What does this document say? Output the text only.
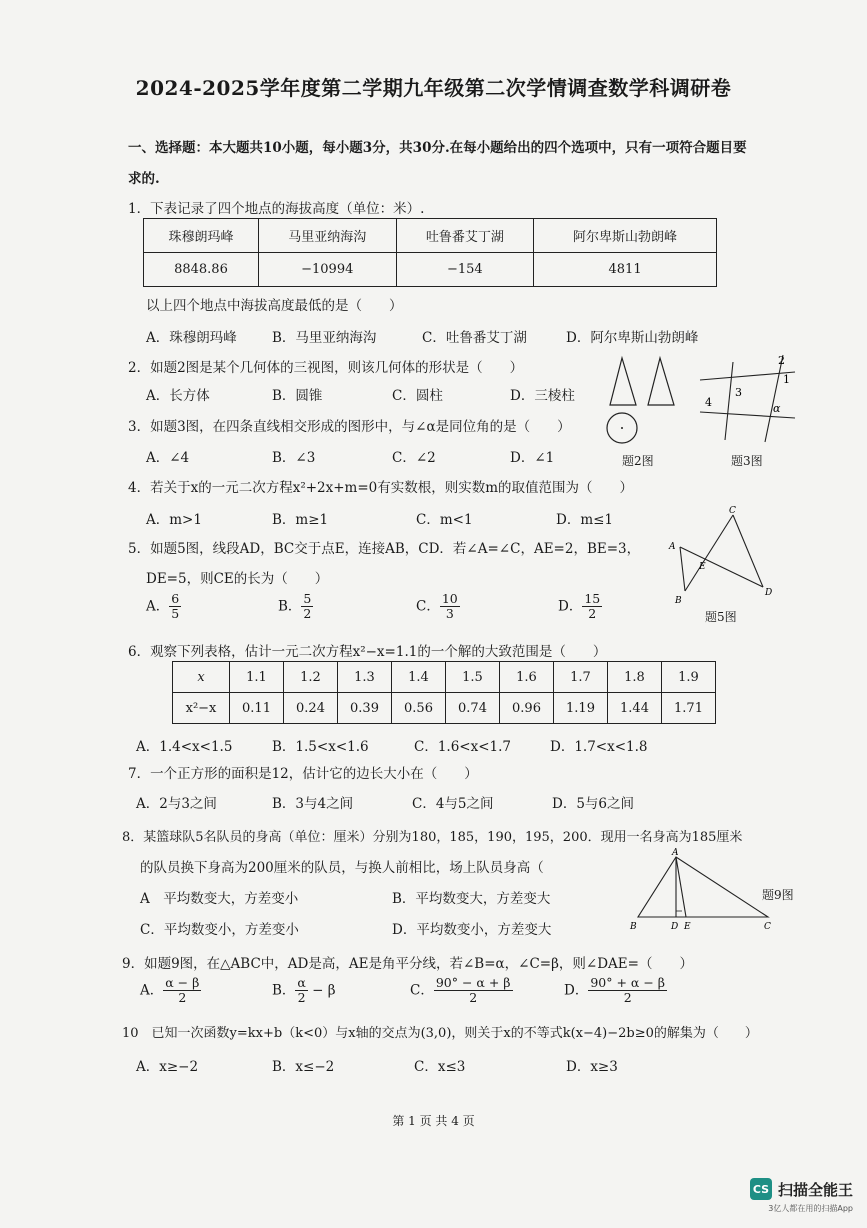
2024-2025学年度第二学期九年级第二次学情调查数学科调研卷
一、选择题：本大题共10小题，每小题3分，共30分.在每小题给出的四个选项中，只有一项符合题目要
求的.
1．下表记录了四个地点的海拔高度（单位：米）.
珠穆朗玛峰	马里亚纳海沟	吐鲁番艾丁湖	阿尔卑斯山勃朗峰
8848.86	−10994	−154	4811
以上四个地点中海拔高度最低的是（　　）
A．珠穆朗玛峰	B．马里亚纳海沟	C．吐鲁番艾丁湖	D．阿尔卑斯山勃朗峰
2．如题2图是某个几何体的三视图，则该几何体的形状是（　　）
A．长方体	B．圆锥	C．圆柱	D．三棱柱
题2图
2
1
3
4	α
题3图
3．如题3图，在四条直线相交形成的图形中，与∠α是同位角的是（　　）
A．∠4	B．∠3	C．∠2	D．∠1
4．若关于x的一元二次方程x²+2x+m=0有实数根，则实数m的取值范围为（　　）
A．m>1	B．m≥1	C．m<1	D．m≤1
A
B
C
D
E
题5图
5．如题5图，线段AD，BC交于点E，连接AB，CD．若∠A=∠C，AE=2，BE=3，
DE=5，则CE的长为（　　）
A． $\frac{6}{5}$	B． $\frac{5}{2}$	C． $\frac{10}{3}$	D． $\frac{15}{2}$
6．观察下列表格，估计一元二次方程x²−x=1.1的一个解的大致范围是（　　）
x	1.1	1.2	1.3	1.4	1.5	1.6	1.7	1.8	1.9
x²−x	0.11	0.24	0.39	0.56	0.74	0.96	1.19	1.44	1.71
A．1.4<x<1.5	B．1.5<x<1.6	C．1.6<x<1.7	D．1.7<x<1.8
7．一个正方形的面积是12，估计它的边长大小在（　　）
A．2与3之间	B．3与4之间	C．4与5之间	D．5与6之间
8．某篮球队5名队员的身高（单位：厘米）分别为180，185，190，195，200．现用一名身高为185厘米
的队员换下身高为200厘米的队员，与换人前相比，场上队员身高（
A　平均数变大，方差变小	B．平均数变大，方差变大
C．平均数变小，方差变小	D．平均数变小，方差变大
A
B	D E	C
题9图
9．如题9图，在△ABC中，AD是高，AE是角平分线，若∠B=α，∠C=β，则∠DAE=（　　）
A． $\frac{\alpha - \beta}{2}$	B． $\frac{\alpha}{2} - \beta$	C． $\frac{90^\circ - \alpha + \beta}{2}$	D． $\frac{90^\circ + \alpha - \beta}{2}$
10　已知一次函数y=kx+b（k<0）与x轴的交点为(3,0)，则关于x的不等式k(x−4)−2b≥0的解集为（　　）
A．x≥−2	B．x≤−2	C．x≤3	D．x≥3
第 1 页 共 4 页
CS 扫描全能王
3亿人都在用的扫描App
